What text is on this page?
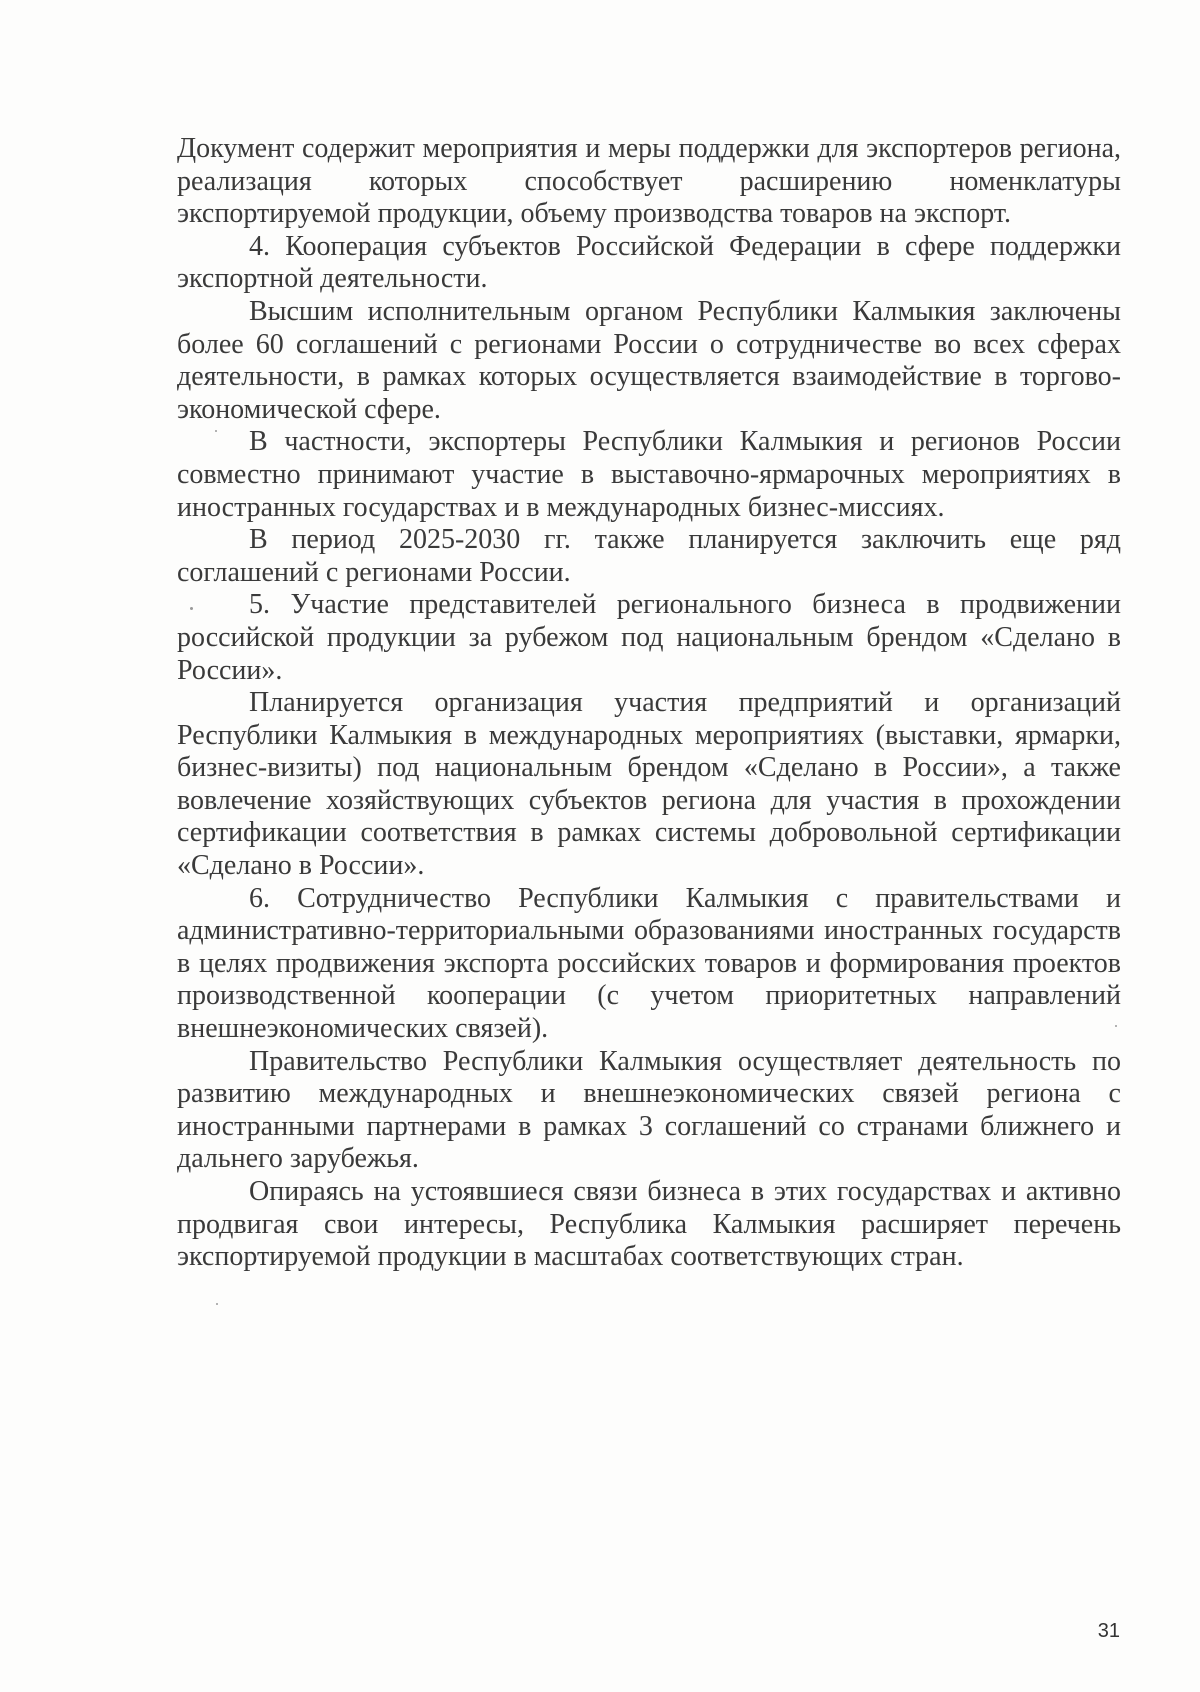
Документ содержит мероприятия и меры поддержки для экспортеров региона, реализация которых способствует расширению номенклатуры экспортируемой продукции, объему производства товаров на экспорт.

4. Кооперация субъектов Российской Федерации в сфере поддержки экспортной деятельности.

Высшим исполнительным органом Республики Калмыкия заключены более 60 соглашений с регионами России о сотрудничестве во всех сферах деятельности, в рамках которых осуществляется взаимодействие в торгово-экономической сфере.

В частности, экспортеры Республики Калмыкия и регионов России совместно принимают участие в выставочно-ярмарочных мероприятиях в иностранных государствах и в международных бизнес-миссиях.

В период 2025-2030 гг. также планируется заключить еще ряд соглашений с регионами России.

5. Участие представителей регионального бизнеса в продвижении российской продукции за рубежом под национальным брендом «Сделано в России».

Планируется организация участия предприятий и организаций Республики Калмыкия в международных мероприятиях (выставки, ярмарки, бизнес-визиты) под национальным брендом «Сделано в России», а также вовлечение хозяйствующих субъектов региона для участия в прохождении сертификации соответствия в рамках системы добровольной сертификации «Сделано в России».

6. Сотрудничество Республики Калмыкия с правительствами и административно-территориальными образованиями иностранных государств в целях продвижения экспорта российских товаров и формирования проектов производственной кооперации (с учетом приоритетных направлений внешнеэкономических связей).

Правительство Республики Калмыкия осуществляет деятельность по развитию международных и внешнеэкономических связей региона с иностранными партнерами в рамках 3 соглашений со странами ближнего и дальнего зарубежья.

Опираясь на устоявшиеся связи бизнеса в этих государствах и активно продвигая свои интересы, Республика Калмыкия расширяет перечень экспортируемой продукции в масштабах соответствующих стран.

31
